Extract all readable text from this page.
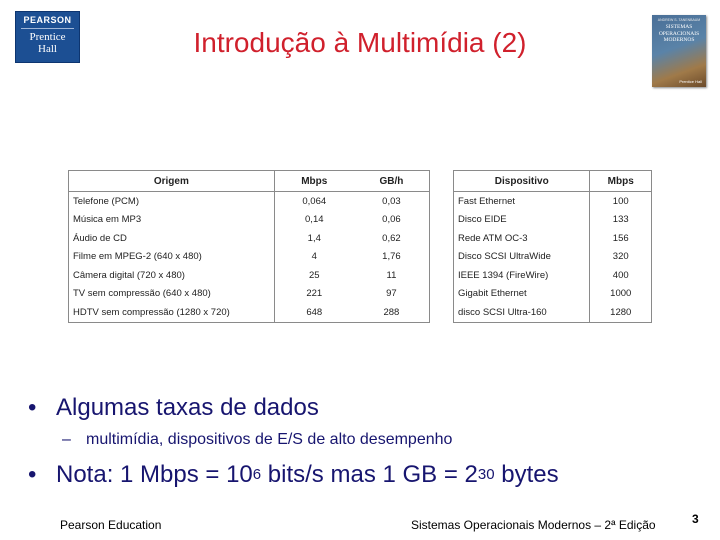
PEARSON
Prentice
Hall	Introdução à Multimídia (2)
ANDREW S. TANENBAUM
SISTEMAS OPERACIONAIS MODERNOS
Prentice Hall
Origem	Mbps	GB/h
Telefone (PCM)	0,064	0,03
Música em MP3	0,14	0,06
Áudio de CD	1,4	0,62
Filme em MPEG-2 (640 x 480)	4	1,76
Câmera digital (720 x 480)	25	11
TV sem compressão (640 x 480)	221	97
HDTV sem compressão (1280 x 720)	648	288
Dispositivo	Mbps
Fast Ethernet	100
Disco EIDE	133
Rede ATM OC-3	156
Disco SCSI UltraWide	320
IEEE 1394 (FireWire)	400
Gigabit Ethernet	1000
disco SCSI Ultra-160	1280
• Algumas taxas de dados
– multimídia, dispositivos de E/S de alto desempenho
• Nota: 1 Mbps = $10^6$ bits/s mas 1 GB = $2^{30}$ bytes
Pearson Education	Sistemas Operacionais Modernos – 2ª Edição	3
